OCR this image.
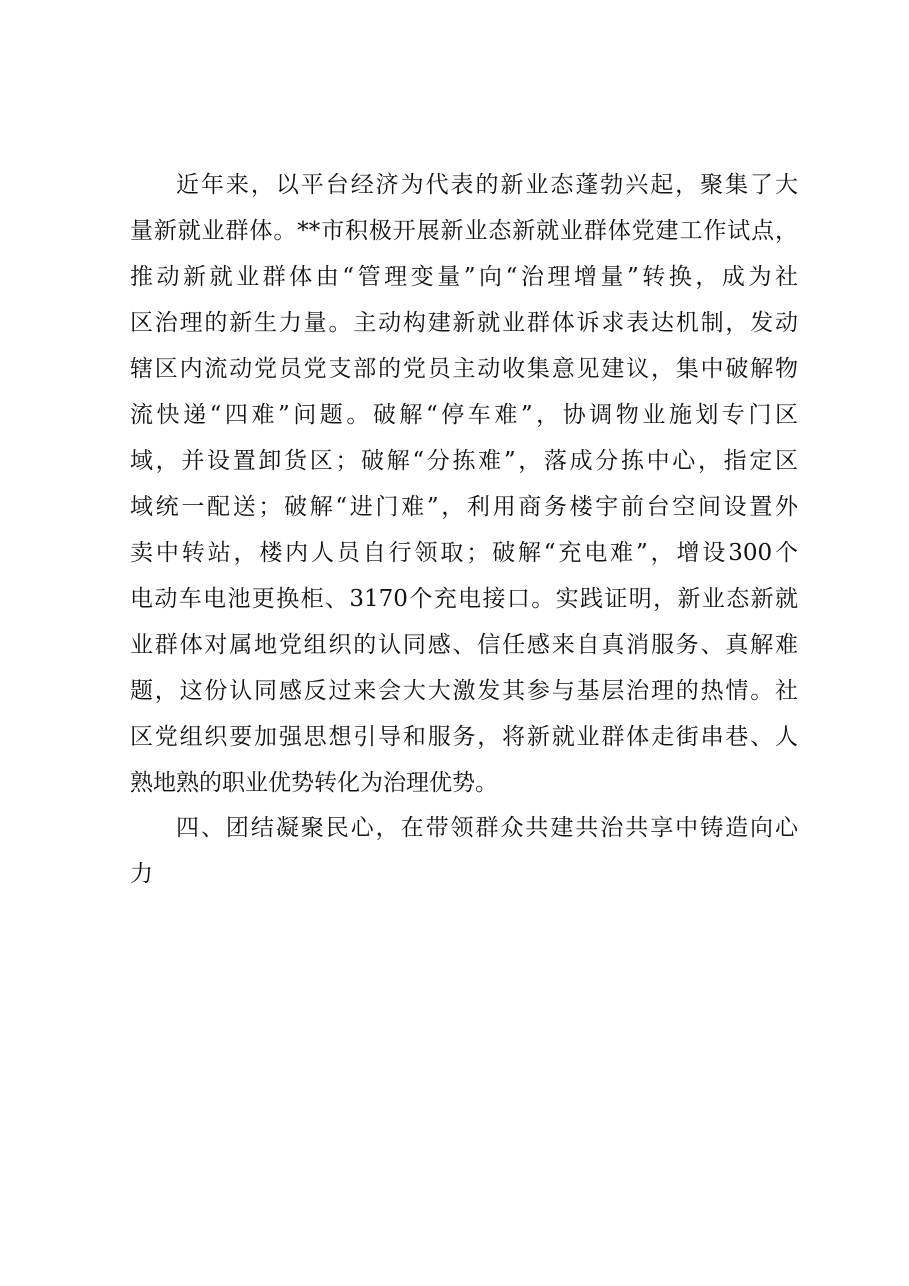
近年来，以平台经济为代表的新业态蓬勃兴起，聚集了大
量新就业群体。**市积极开展新业态新就业群体党建工作试点，
推动新就业群体由“管理变量”向“治理增量”转换，成为社
区治理的新生力量。主动构建新就业群体诉求表达机制，发动
辖区内流动党员党支部的党员主动收集意见建议，集中破解物
流快递“四难”问题。破解“停车难”，协调物业施划专门区
域，并设置卸货区；破解“分拣难”，落成分拣中心，指定区
域统一配送；破解“进门难”，利用商务楼宇前台空间设置外
卖中转站，楼内人员自行领取；破解“充电难”，增设300个
电动车电池更换柜、3170个充电接口。实践证明，新业态新就
业群体对属地党组织的认同感、信任感来自真消服务、真解难
题，这份认同感反过来会大大激发其参与基层治理的热情。社
区党组织要加强思想引导和服务，将新就业群体走街串巷、人
熟地熟的职业优势转化为治理优势。
四、团结凝聚民心，在带领群众共建共治共享中铸造向心
力
